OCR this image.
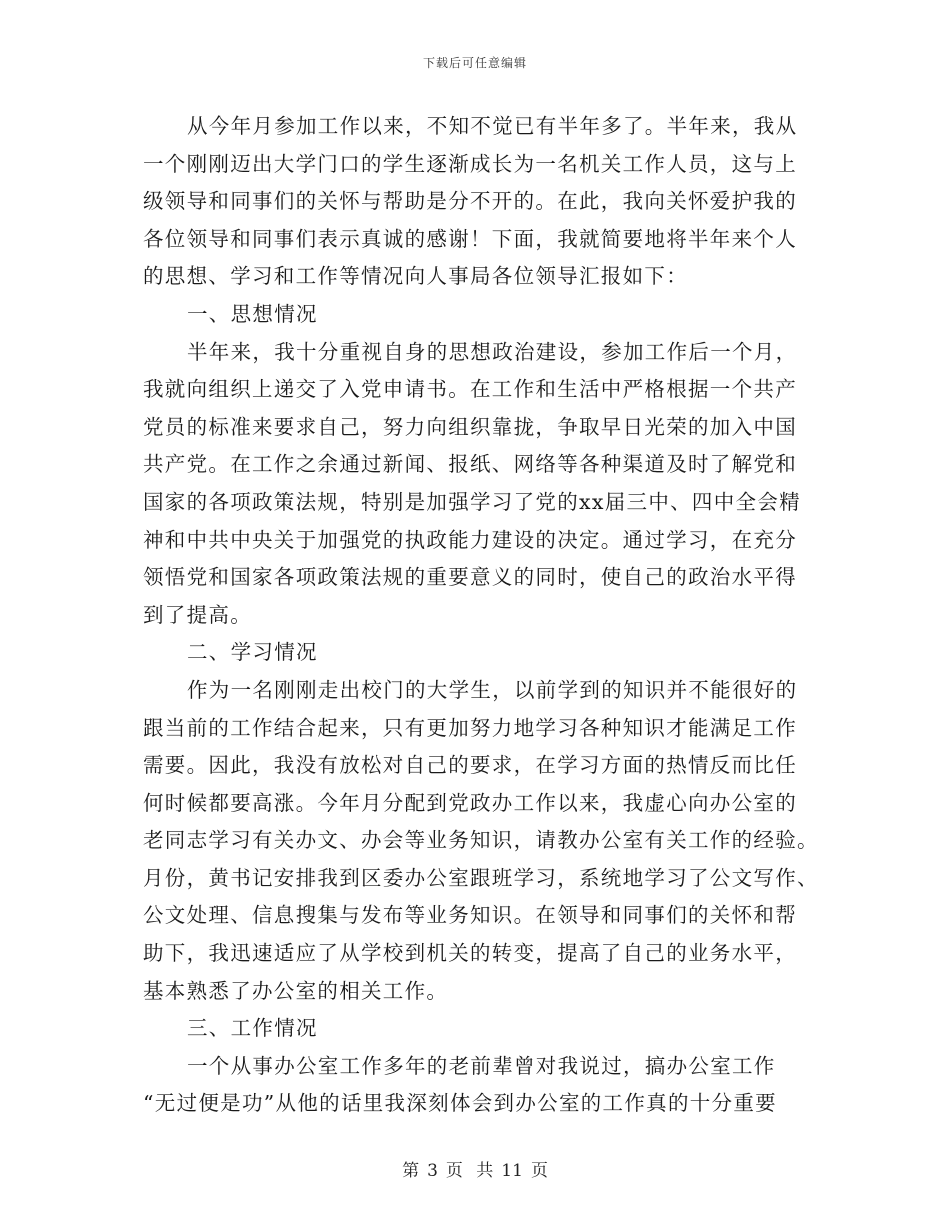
下载后可任意编辑
从今年月参加工作以来，不知不觉已有半年多了。半年来，我从
一个刚刚迈出大学门口的学生逐渐成长为一名机关工作人员，这与上
级领导和同事们的关怀与帮助是分不开的。在此，我向关怀爱护我的
各位领导和同事们表示真诚的感谢！下面，我就简要地将半年来个人
的思想、学习和工作等情况向人事局各位领导汇报如下：
一、思想情况
半年来，我十分重视自身的思想政治建设，参加工作后一个月，
我就向组织上递交了入党申请书。在工作和生活中严格根据一个共产
党员的标准来要求自己，努力向组织靠拢，争取早日光荣的加入中国
共产党。在工作之余通过新闻、报纸、网络等各种渠道及时了解党和
国家的各项政策法规，特别是加强学习了党的xx届三中、四中全会精
神和中共中央关于加强党的执政能力建设的决定。通过学习，在充分
领悟党和国家各项政策法规的重要意义的同时，使自己的政治水平得
到了提高。
二、学习情况
作为一名刚刚走出校门的大学生，以前学到的知识并不能很好的
跟当前的工作结合起来，只有更加努力地学习各种知识才能满足工作
需要。因此，我没有放松对自己的要求，在学习方面的热情反而比任
何时候都要高涨。今年月分配到党政办工作以来，我虚心向办公室的
老同志学习有关办文、办会等业务知识，请教办公室有关工作的经验。
月份，黄书记安排我到区委办公室跟班学习，系统地学习了公文写作、
公文处理、信息搜集与发布等业务知识。在领导和同事们的关怀和帮
助下，我迅速适应了从学校到机关的转变，提高了自己的业务水平，
基本熟悉了办公室的相关工作。
三、工作情况
一个从事办公室工作多年的老前辈曾对我说过，搞办公室工作
“无过便是功”从他的话里我深刻体会到办公室的工作真的十分重要
第 3 页 共 11 页
